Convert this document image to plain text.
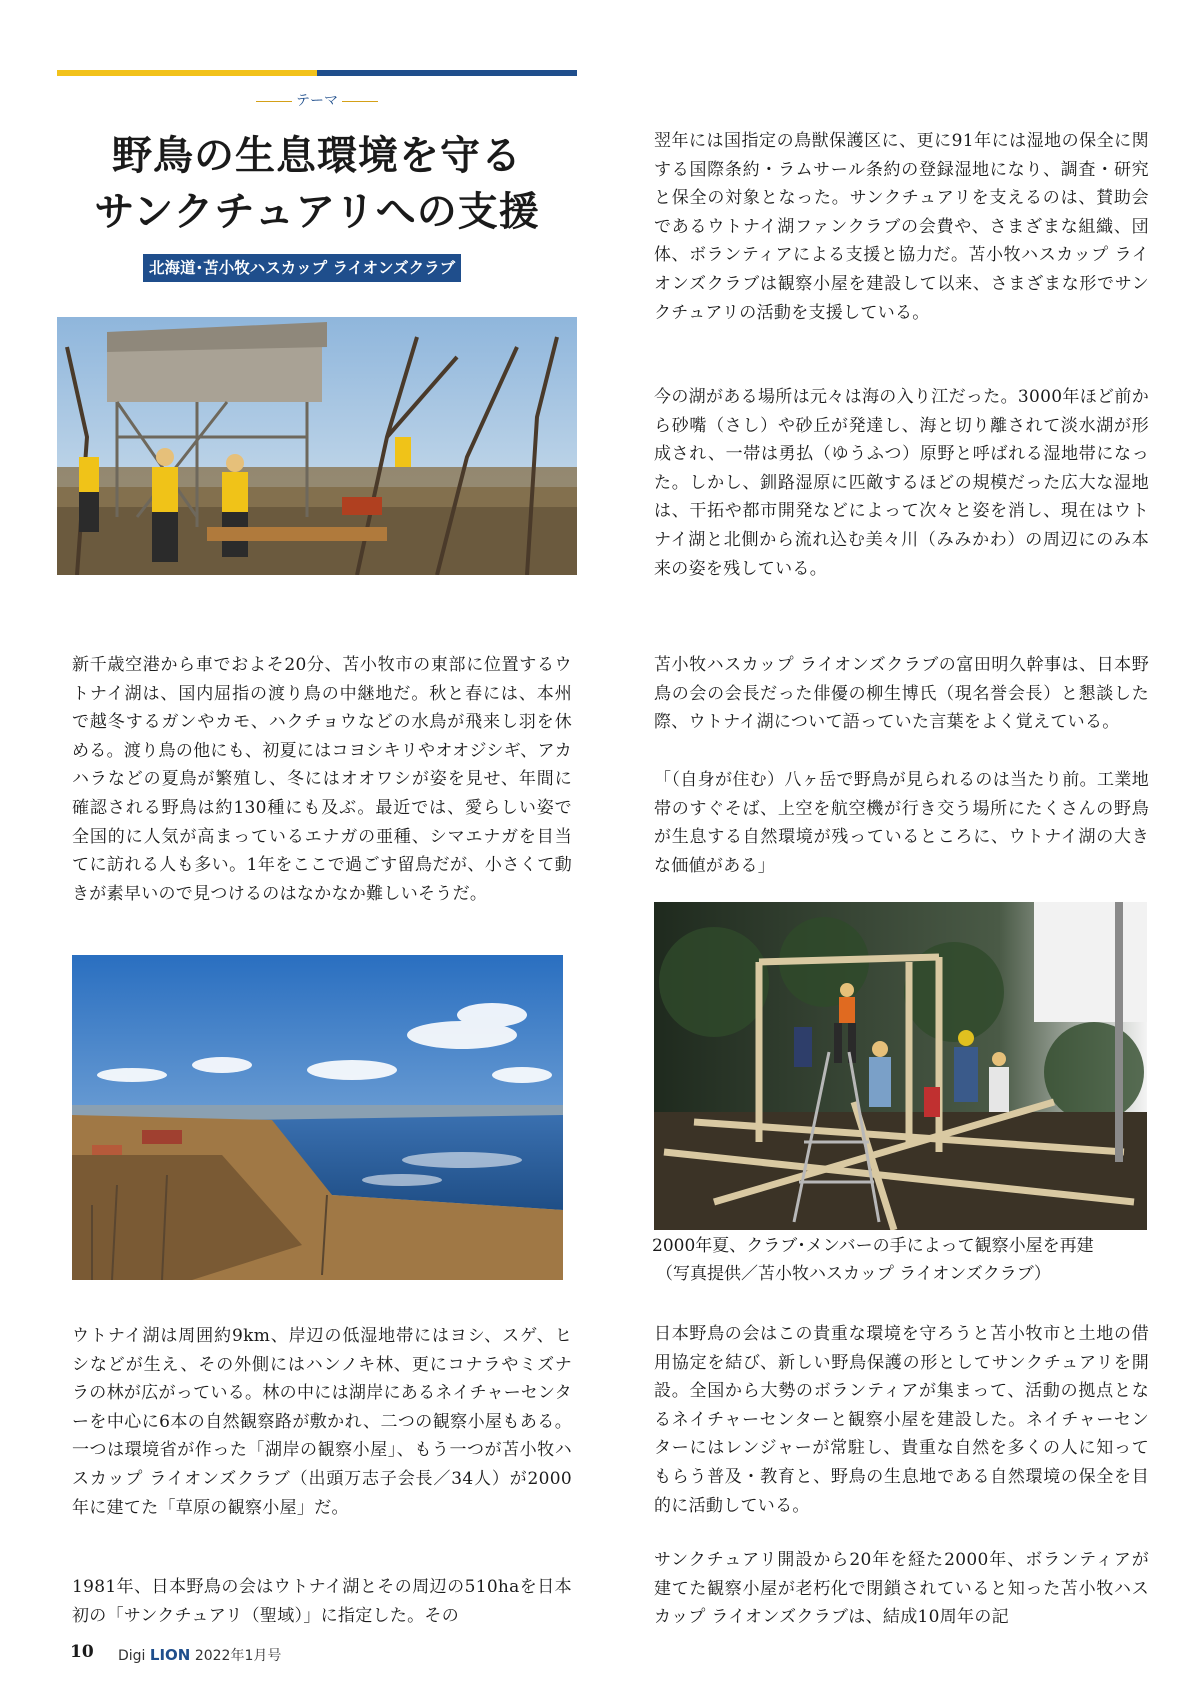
テーマ
野鳥の生息環境を守る
サンクチュアリへの支援
北海道･苫小牧ハスカップ ライオンズクラブ
新千歳空港から車でおよそ20分、苫小牧市の東部に位置するウトナイ湖は、国内屈指の渡り鳥の中継地だ。秋と春には、本州で越冬するガンやカモ、ハクチョウなどの水鳥が飛来し羽を休める。渡り鳥の他にも、初夏にはコヨシキリやオオジシギ、アカハラなどの夏鳥が繁殖し、冬にはオオワシが姿を見せ、年間に確認される野鳥は約130種にも及ぶ。最近では、愛らしい姿で全国的に人気が高まっているエナガの亜種、シマエナガを目当てに訪れる人も多い。1年をここで過ごす留鳥だが、小さくて動きが素早いので見つけるのはなかなか難しいそうだ。
ウトナイ湖は周囲約9km、岸辺の低湿地帯にはヨシ、スゲ、ヒシなどが生え、その外側にはハンノキ林、更にコナラやミズナラの林が広がっている。林の中には湖岸にあるネイチャーセンターを中心に6本の自然観察路が敷かれ、二つの観察小屋もある。一つは環境省が作った「湖岸の観察小屋」、もう一つが苫小牧ハスカップ ライオンズクラブ（出頭万志子会長／34人）が2000年に建てた「草原の観察小屋」だ。
1981年、日本野鳥の会はウトナイ湖とその周辺の510haを日本初の「サンクチュアリ（聖域）」に指定した。その
翌年には国指定の鳥獣保護区に、更に91年には湿地の保全に関する国際条約・ラムサール条約の登録湿地になり、調査・研究と保全の対象となった。サンクチュアリを支えるのは、賛助会であるウトナイ湖ファンクラブの会費や、さまざまな組織、団体、ボランティアによる支援と協力だ。苫小牧ハスカップ ライオンズクラブは観察小屋を建設して以来、さまざまな形でサンクチュアリの活動を支援している。
今の湖がある場所は元々は海の入り江だった。3000年ほど前から砂嘴（さし）や砂丘が発達し、海と切り離されて淡水湖が形成され、一帯は勇払（ゆうふつ）原野と呼ばれる湿地帯になった。しかし、釧路湿原に匹敵するほどの規模だった広大な湿地は、干拓や都市開発などによって次々と姿を消し、現在はウトナイ湖と北側から流れ込む美々川（みみかわ）の周辺にのみ本来の姿を残している。
苫小牧ハスカップ ライオンズクラブの富田明久幹事は、日本野鳥の会の会長だった俳優の柳生博氏（現名誉会長）と懇談した際、ウトナイ湖について語っていた言葉をよく覚えている。
「（自身が住む）八ヶ岳で野鳥が見られるのは当たり前。工業地帯のすぐそば、上空を航空機が行き交う場所にたくさんの野鳥が生息する自然環境が残っているところに、ウトナイ湖の大きな価値がある」
2000年夏、クラブ･メンバーの手によって観察小屋を再建
（写真提供／苫小牧ハスカップ ライオンズクラブ）
日本野鳥の会はこの貴重な環境を守ろうと苫小牧市と土地の借用協定を結び、新しい野鳥保護の形としてサンクチュアリを開設。全国から大勢のボランティアが集まって、活動の拠点となるネイチャーセンターと観察小屋を建設した。ネイチャーセンターにはレンジャーが常駐し、貴重な自然を多くの人に知ってもらう普及・教育と、野鳥の生息地である自然環境の保全を目的に活動している。
サンクチュアリ開設から20年を経た2000年、ボランティアが建てた観察小屋が老朽化で閉鎖されていると知った苫小牧ハスカップ ライオンズクラブは、結成10周年の記
10 Digi LION 2022年1月号
